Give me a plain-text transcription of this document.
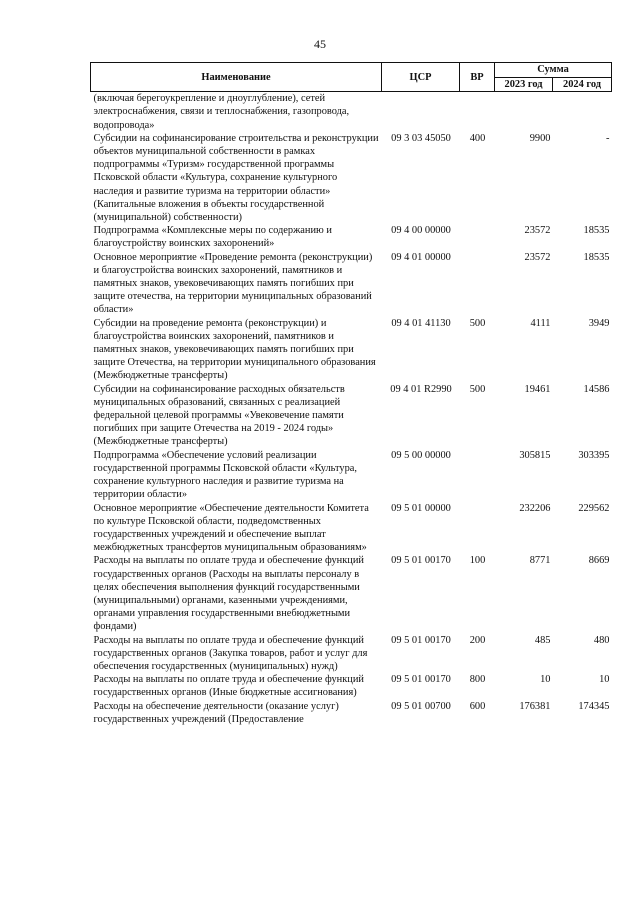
45
Наименование	ЦСР	ВР	Сумма	
			2023 год	2024 год
(включая берегоукрепление и дноуглубление), сетей электроснабжения, связи и теплоснабжения, газопровода, водопровода»				
Субсидии на софинансирование строительства и реконструкции объектов муниципальной собственности в рамках подпрограммы «Туризм» государственной программы Псковской области «Культура, сохранение культурного наследия и развитие туризма на территории области» (Капитальные вложения в объекты государственной (муниципальной) собственности)	09 3 03 45050	400	9900	-
Подпрограмма «Комплексные меры по содержанию и благоустройству воинских захоронений»	09 4 00 00000		23572	18535
Основное мероприятие «Проведение ремонта (реконструкции) и благоустройства воинских захоронений, памятников и памятных знаков, увековечивающих память погибших при защите отечества, на территории муниципальных образований области»	09 4 01 00000		23572	18535
Субсидии на проведение ремонта (реконструкции) и благоустройства воинских захоронений, памятников и памятных знаков, увековечивающих память погибших при защите Отечества, на территории муниципального образования (Межбюджетные трансферты)	09 4 01 41130	500	4111	3949
Субсидии на софинансирование расходных обязательств муниципальных образований, связанных с реализацией федеральной целевой программы «Увековечение памяти погибших при защите Отечества на 2019 - 2024 годы» (Межбюджетные трансферты)	09 4 01 R2990	500	19461	14586
Подпрограмма «Обеспечение условий реализации государственной программы Псковской области «Культура, сохранение культурного наследия и развитие туризма на территории области»	09 5 00 00000		305815	303395
Основное мероприятие «Обеспечение деятельности Комитета по культуре Псковской области, подведомственных государственных учреждений и обеспечение выплат межбюджетных трансфертов муниципальным образованиям»	09 5 01 00000		232206	229562
Расходы на выплаты по оплате труда и обеспечение функций государственных органов (Расходы на выплаты персоналу в целях обеспечения выполнения функций государственными (муниципальными) органами, казенными учреждениями, органами управления государственными внебюджетными фондами)	09 5 01 00170	100	8771	8669
Расходы на выплаты по оплате труда и обеспечение функций государственных органов (Закупка товаров, работ и услуг для обеспечения государственных (муниципальных) нужд)	09 5 01 00170	200	485	480
Расходы на выплаты по оплате труда и обеспечение функций государственных органов (Иные бюджетные ассигнования)	09 5 01 00170	800	10	10
Расходы на обеспечение деятельности (оказание услуг) государственных учреждений (Предоставление	09 5 01 00700	600	176381	174345
